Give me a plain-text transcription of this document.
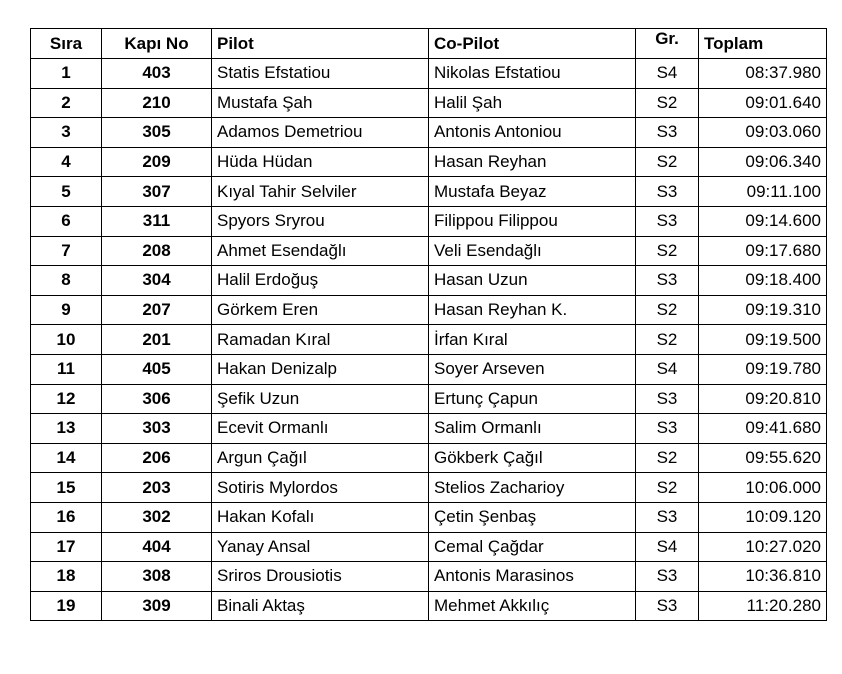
Sıra	Kapı No	Pilot	Co-Pilot	Gr.	Toplam
1	403	Statis Efstatiou	Nikolas Efstatiou	S4	08:37.980
2	210	Mustafa Şah	Halil Şah	S2	09:01.640
3	305	Adamos Demetriou	Antonis Antoniou	S3	09:03.060
4	209	Hüda Hüdan	Hasan Reyhan	S2	09:06.340
5	307	Kıyal Tahir Selviler	Mustafa Beyaz	S3	09:11.100
6	311	Spyors Sryrou	Filippou Filippou	S3	09:14.600
7	208	Ahmet Esendağlı	Veli Esendağlı	S2	09:17.680
8	304	Halil Erdoğuş	Hasan Uzun	S3	09:18.400
9	207	Görkem Eren	Hasan Reyhan K.	S2	09:19.310
10	201	Ramadan Kıral	İrfan Kıral	S2	09:19.500
11	405	Hakan Denizalp	Soyer Arseven	S4	09:19.780
12	306	Şefik Uzun	Ertunç Çapun	S3	09:20.810
13	303	Ecevit Ormanlı	Salim Ormanlı	S3	09:41.680
14	206	Argun Çağıl	Gökberk Çağıl	S2	09:55.620
15	203	Sotiris Mylordos	Stelios Zacharioy	S2	10:06.000
16	302	Hakan Kofalı	Çetin Şenbaş	S3	10:09.120
17	404	Yanay Ansal	Cemal Çağdar	S4	10:27.020
18	308	Sriros Drousiotis	Antonis Marasinos	S3	10:36.810
19	309	Binali Aktaş	Mehmet Akkılıç	S3	11:20.280
